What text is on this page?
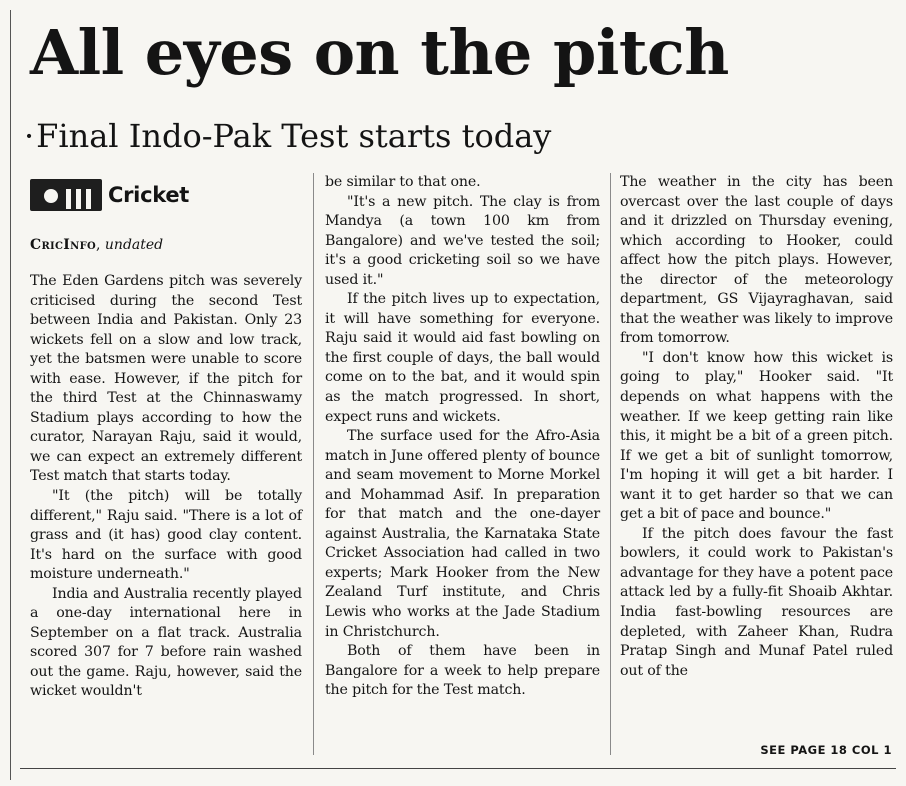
All eyes on the pitch
·Final Indo-Pak Test starts today
Cricket
CricInfo, undated

The Eden Gardens pitch was severely criticised during the second Test between India and Pakistan. Only 23 wickets fell on a slow and low track, yet the batsmen were unable to score with ease. However, if the pitch for the third Test at the Chinnaswamy Stadium plays according to how the curator, Narayan Raju, said it would, we can expect an extremely different Test match that starts today.

"It (the pitch) will be totally different," Raju said. "There is a lot of grass and (it has) good clay content. It's hard on the surface with good moisture underneath."

India and Australia recently played a one-day international here in September on a flat track. Australia scored 307 for 7 before rain washed out the game. Raju, however, said the wicket wouldn't

be similar to that one.

"It's a new pitch. The clay is from Mandya (a town 100 km from Bangalore) and we've tested the soil; it's a good cricketing soil so we have used it."

If the pitch lives up to expectation, it will have something for everyone. Raju said it would aid fast bowling on the first couple of days, the ball would come on to the bat, and it would spin as the match progressed. In short, expect runs and wickets.

The surface used for the Afro-Asia match in June offered plenty of bounce and seam movement to Morne Morkel and Mohammad Asif. In preparation for that match and the one-dayer against Australia, the Karnataka State Cricket Association had called in two experts; Mark Hooker from the New Zealand Turf institute, and Chris Lewis who works at the Jade Stadium in Christchurch.

Both of them have been in Bangalore for a week to help prepare the pitch for the Test match.

The weather in the city has been overcast over the last couple of days and it drizzled on Thursday evening, which according to Hooker, could affect how the pitch plays. However, the director of the meteorology department, GS Vijayraghavan, said that the weather was likely to improve from tomorrow.

"I don't know how this wicket is going to play," Hooker said. "It depends on what happens with the weather. If we keep getting rain like this, it might be a bit of a green pitch. If we get a bit of sunlight tomorrow, I'm hoping it will get a bit harder. I want it to get harder so that we can get a bit of pace and bounce."

If the pitch does favour the fast bowlers, it could work to Pakistan's advantage for they have a potent pace attack led by a fully-fit Shoaib Akhtar. India fast-bowling resources are depleted, with Zaheer Khan, Rudra Pratap Singh and Munaf Patel ruled out of the

SEE PAGE 18 COL 1
